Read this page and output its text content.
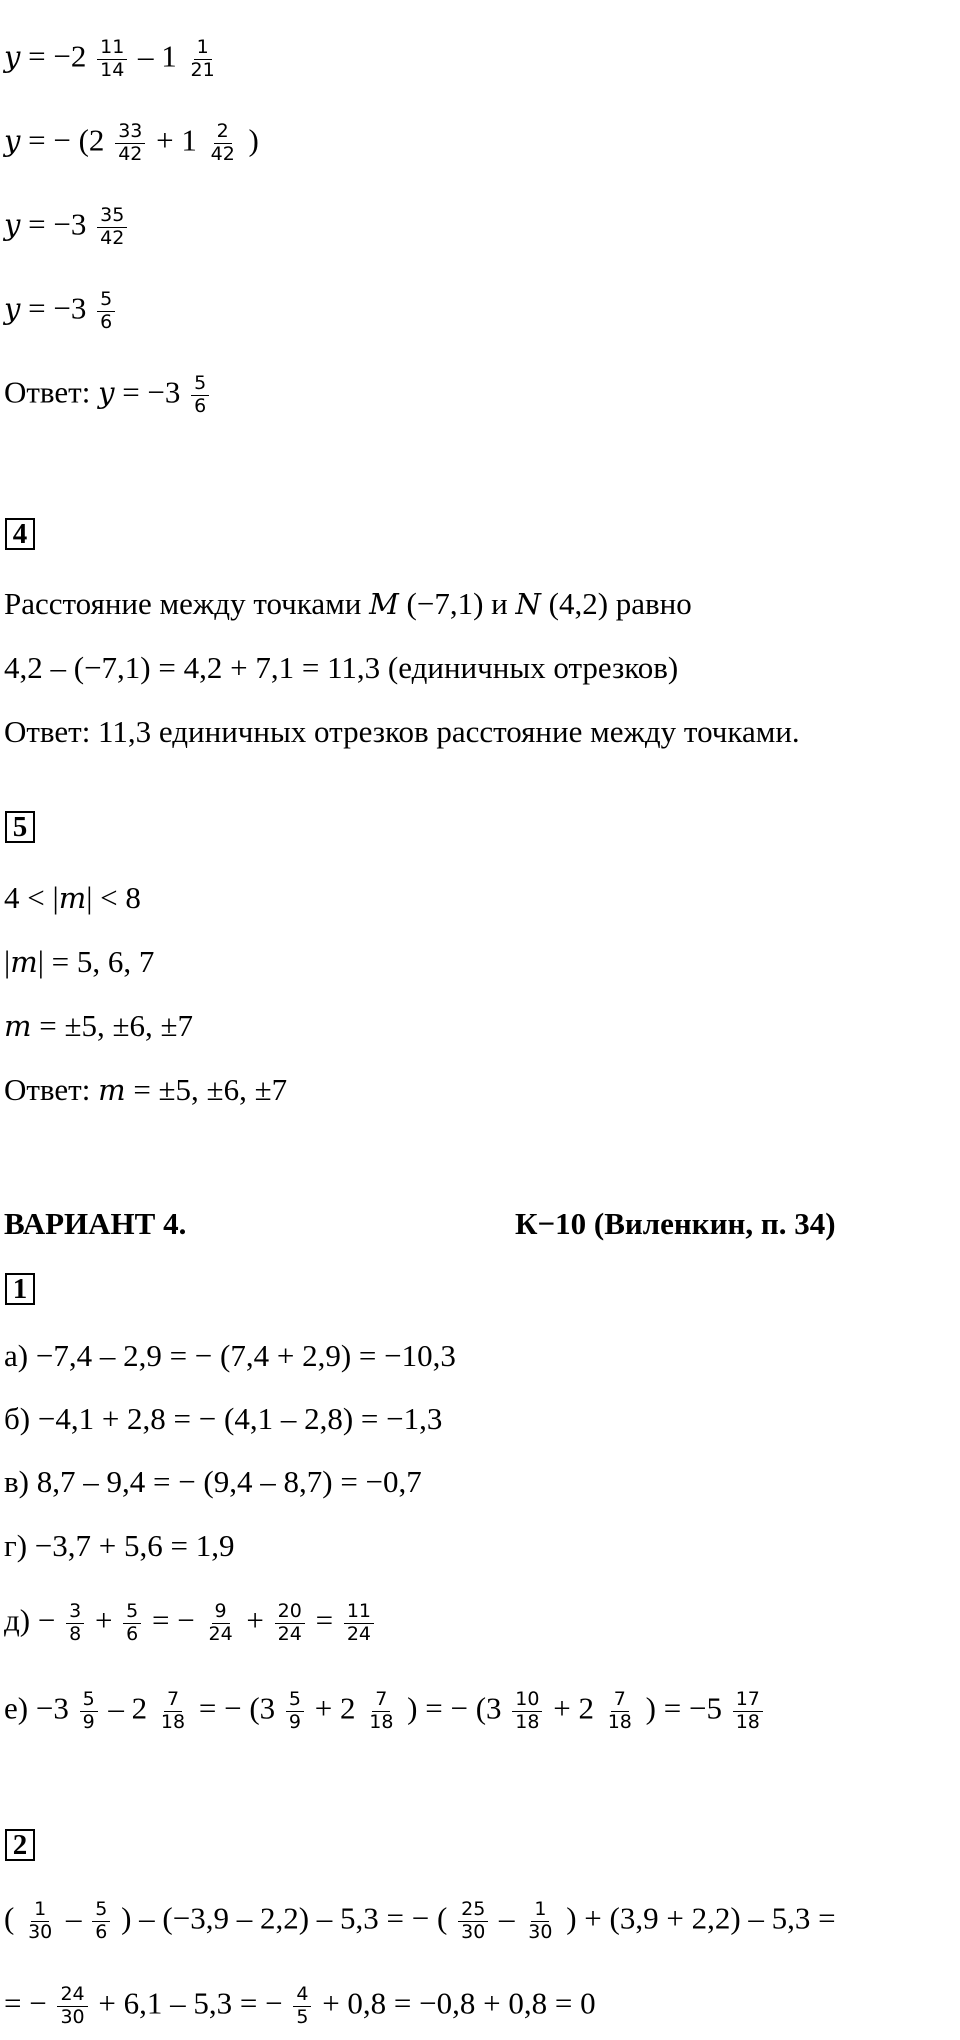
$y = -2 \frac{11}{14} - 1 \frac{1}{21}$
y = − ($2 \frac{33}{42} + 1 \frac{2}{42}$ )
$y = -3 \frac{35}{42}$
$y = -3 \frac{5}{6}$
Ответ: $y = -3 \frac{5}{6}$
4
Расстояние между точками M (−7,1) и N (4,2) равно
4,2 – (−7,1) = 4,2 + 7,1 = 11,3 (единичных отрезков)
Ответ: 11,3 единичных отрезков расстояние между точками.
5
4 < |m| < 8
|m| = 5, 6, 7
m = ±5, ±6, ±7
Ответ: m = ±5, ±6, ±7
ВАРИАНТ 4.	К−10 (Виленкин, п. 34)
1
а) −7,4 – 2,9 = − (7,4 + 2,9) = −10,3
б) −4,1 + 2,8 = − (4,1 – 2,8) = −1,3
в) 8,7 – 9,4 = − (9,4 – 8,7) = −0,7
г) −3,7 + 5,6 = 1,9
$д) - \frac{3}{8} + \frac{5}{6}$ = − $\frac{9}{24} + \frac{20}{24} = \frac{11}{24}$
$е) -3 \frac{5}{9} - 2 \frac{7}{18}$ = − ($3 \frac{5}{9} + 2 \frac{7}{18}$ ) = − ($3 \frac{10}{18} + 2 \frac{7}{18}$ ) = $-5 \frac{17}{18}$
2
( $\frac{1}{30} - \frac{5}{6}$ ) – (−3,9 – 2,2) – 5,3 = − ( $\frac{25}{30} - \frac{1}{30}$ ) + (3,9 + 2,2) – 5,3 =
= − $\frac{24}{30} + 6,1 - 5,3$ = − $\frac{4}{5} + 0,8 = -0,8 + 0,8 = 0$
